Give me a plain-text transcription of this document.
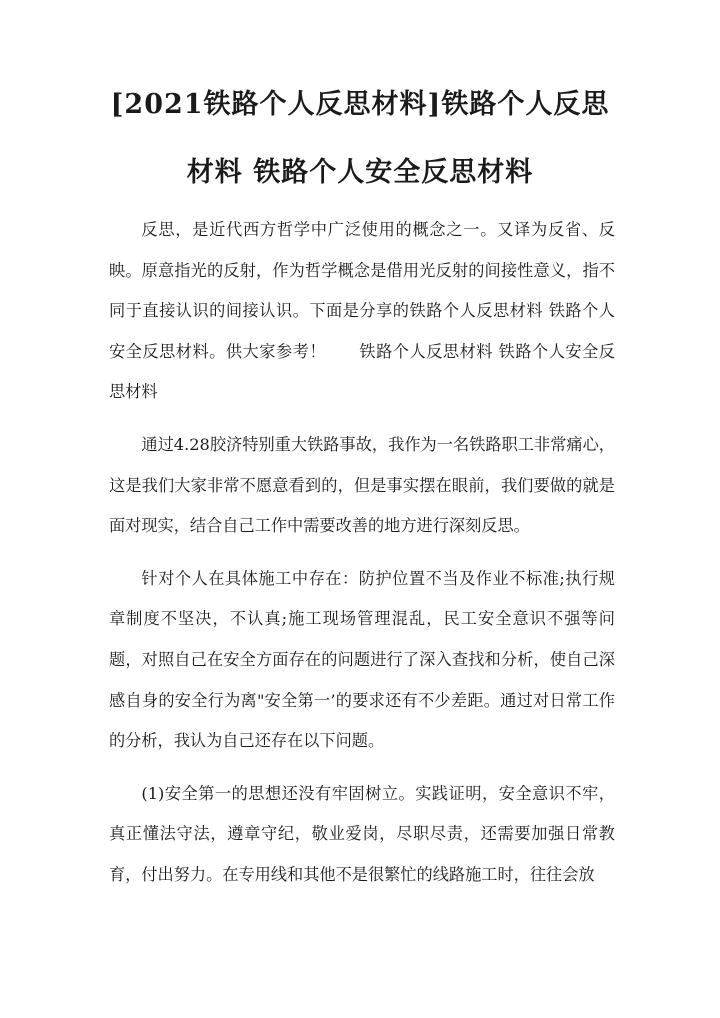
[2021铁路个人反思材料]铁路个人反思
材料 铁路个人安全反思材料

反思，是近代西方哲学中广泛使用的概念之一。又译为反省、反映。原意指光的反射，作为哲学概念是借用光反射的间接性意义，指不同于直接认识的间接认识。下面是分享的铁路个人反思材料 铁路个人安全反思材料。供大家参考！　　铁路个人反思材料 铁路个人安全反思材料

通过4.28胶济特别重大铁路事故，我作为一名铁路职工非常痛心，这是我们大家非常不愿意看到的，但是事实摆在眼前，我们要做的就是面对现实，结合自己工作中需要改善的地方进行深刻反思。

针对个人在具体施工中存在：防护位置不当及作业不标准;执行规章制度不坚决，不认真;施工现场管理混乱，民工安全意识不强等问题，对照自己在安全方面存在的问题进行了深入查找和分析，使自己深感自身的安全行为离"安全第一’的要求还有不少差距。通过对日常工作的分析，我认为自己还存在以下问题。

(1)安全第一的思想还没有牢固树立。实践证明，安全意识不牢，真正懂法守法，遵章守纪，敬业爱岗，尽职尽责，还需要加强日常教育，付出努力。在专用线和其他不是很繁忙的线路施工时，往往会放
